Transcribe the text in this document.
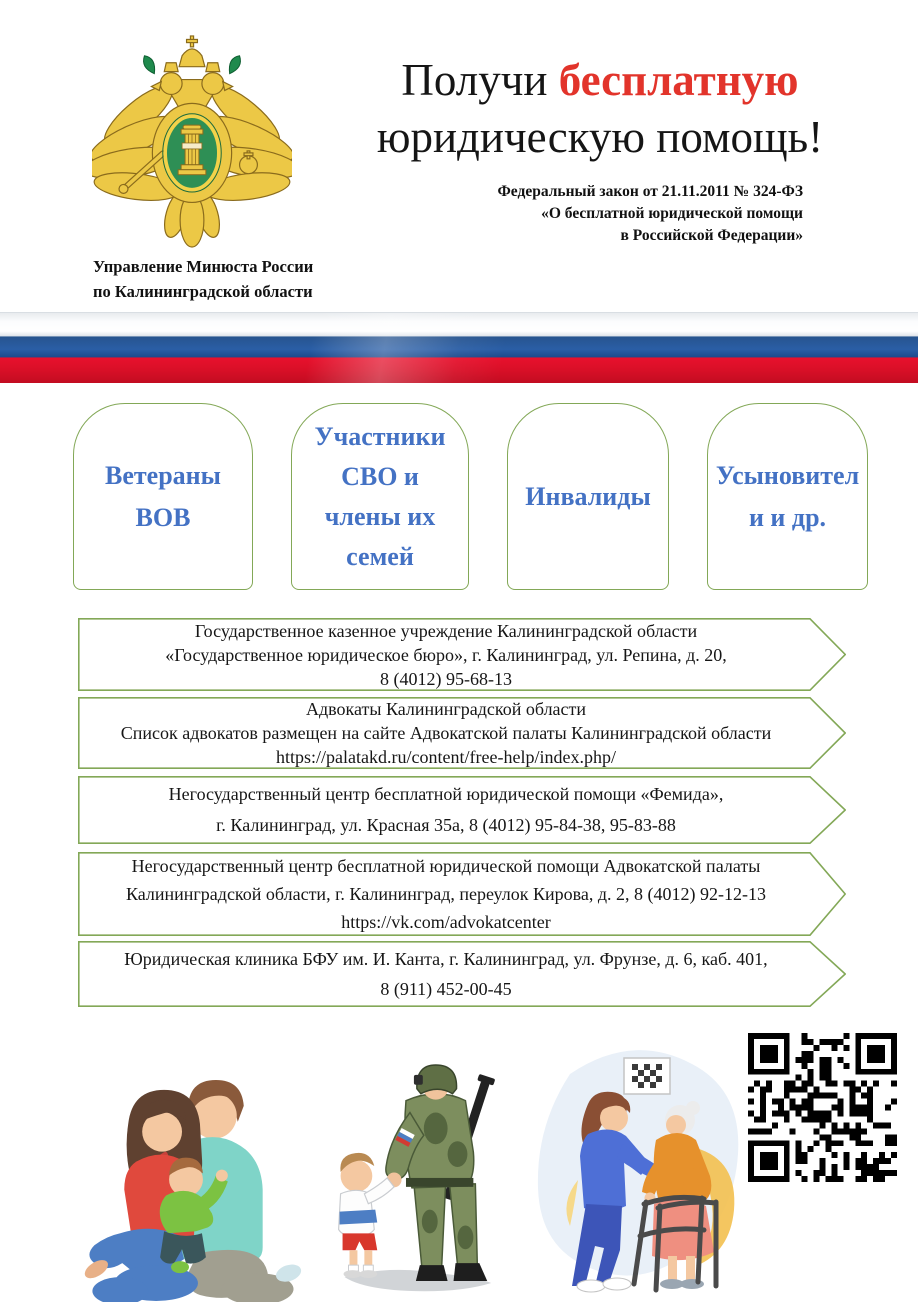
Управление Минюста России
по Калининградской области
Получи бесплатную
юридическую помощь!
Федеральный закон от 21.11.2011 № 324-ФЗ
«О бесплатной юридической помощи
в Российской Федерации»
Ветераны
ВОВ
Участники
СВО и
члены их
семей
Инвалиды
Усыновител
и и др.
Государственное казенное учреждение Калининградской области
«Государственное юридическое бюро», г. Калининград, ул. Репина, д. 20,
8 (4012) 95-68-13
Адвокаты Калининградской области
Список адвокатов размещен на сайте Адвокатской палаты Калининградской области
https://palatakd.ru/content/free-help/index.php/
Негосударственный центр бесплатной юридической помощи «Фемида»,
г. Калининград, ул. Красная 35а, 8 (4012) 95-84-38, 95-83-88
Негосударственный центр бесплатной юридической помощи Адвокатской палаты
Калининградской области, г. Калининград, переулок Кирова, д. 2, 8 (4012) 92-12-13
https://vk.com/advokatcenter
Юридическая клиника БФУ им. И. Канта, г. Калининград, ул. Фрунзе, д. 6, каб. 401,
8 (911) 452-00-45
